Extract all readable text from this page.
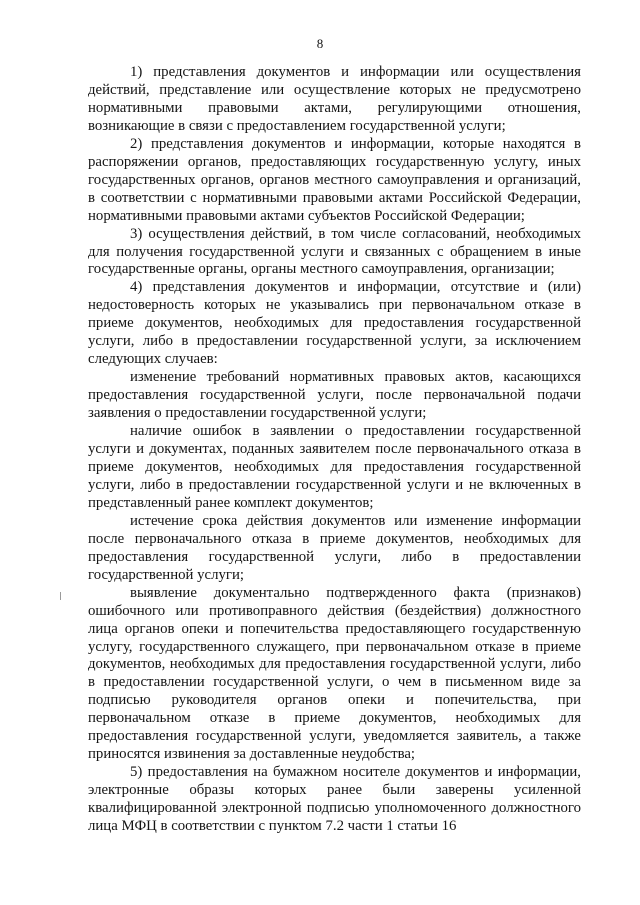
8

1) представления документов и информации или осуществления действий, представление или осуществление которых не предусмотрено нормативными правовыми актами, регулирующими отношения, возникающие в связи с предоставлением государственной услуги;

2) представления документов и информации, которые находятся в распоряжении органов, предоставляющих государственную услугу, иных государственных органов, органов местного самоуправления и организаций, в соответствии с нормативными правовыми актами Российской Федерации, нормативными правовыми актами субъектов Российской Федерации;

3) осуществления действий, в том числе согласований, необходимых для получения государственной услуги и связанных с обращением в иные государственные органы, органы местного самоуправления, организации;

4) представления документов и информации, отсутствие и (или) недостоверность которых не указывались при первоначальном отказе в приеме документов, необходимых для предоставления государственной услуги, либо в предоставлении государственной услуги, за исключением следующих случаев:

изменение требований нормативных правовых актов, касающихся предоставления государственной услуги, после первоначальной подачи заявления о предоставлении государственной услуги;

наличие ошибок в заявлении о предоставлении государственной услуги и документах, поданных заявителем после первоначального отказа в приеме документов, необходимых для предоставления государственной услуги, либо в предоставлении государственной услуги и не включенных в представленный ранее комплект документов;

истечение срока действия документов или изменение информации после первоначального отказа в приеме документов, необходимых для предоставления государственной услуги, либо в предоставлении государственной услуги;

выявление документально подтвержденного факта (признаков) ошибочного или противоправного действия (бездействия) должностного лица органов опеки и попечительства предоставляющего государственную услугу, государственного служащего, при первоначальном отказе в приеме документов, необходимых для предоставления государственной услуги, либо в предоставлении государственной услуги, о чем в письменном виде за подписью руководителя органов опеки и попечительства, при первоначальном отказе в приеме документов, необходимых для предоставления государственной услуги, уведомляется заявитель, а также приносятся извинения за доставленные неудобства;

5) предоставления на бумажном носителе документов и информации, электронные образы которых ранее были заверены усиленной квалифицированной электронной подписью уполномоченного должностного лица МФЦ в соответствии с пунктом 7.2 части 1 статьи 16
